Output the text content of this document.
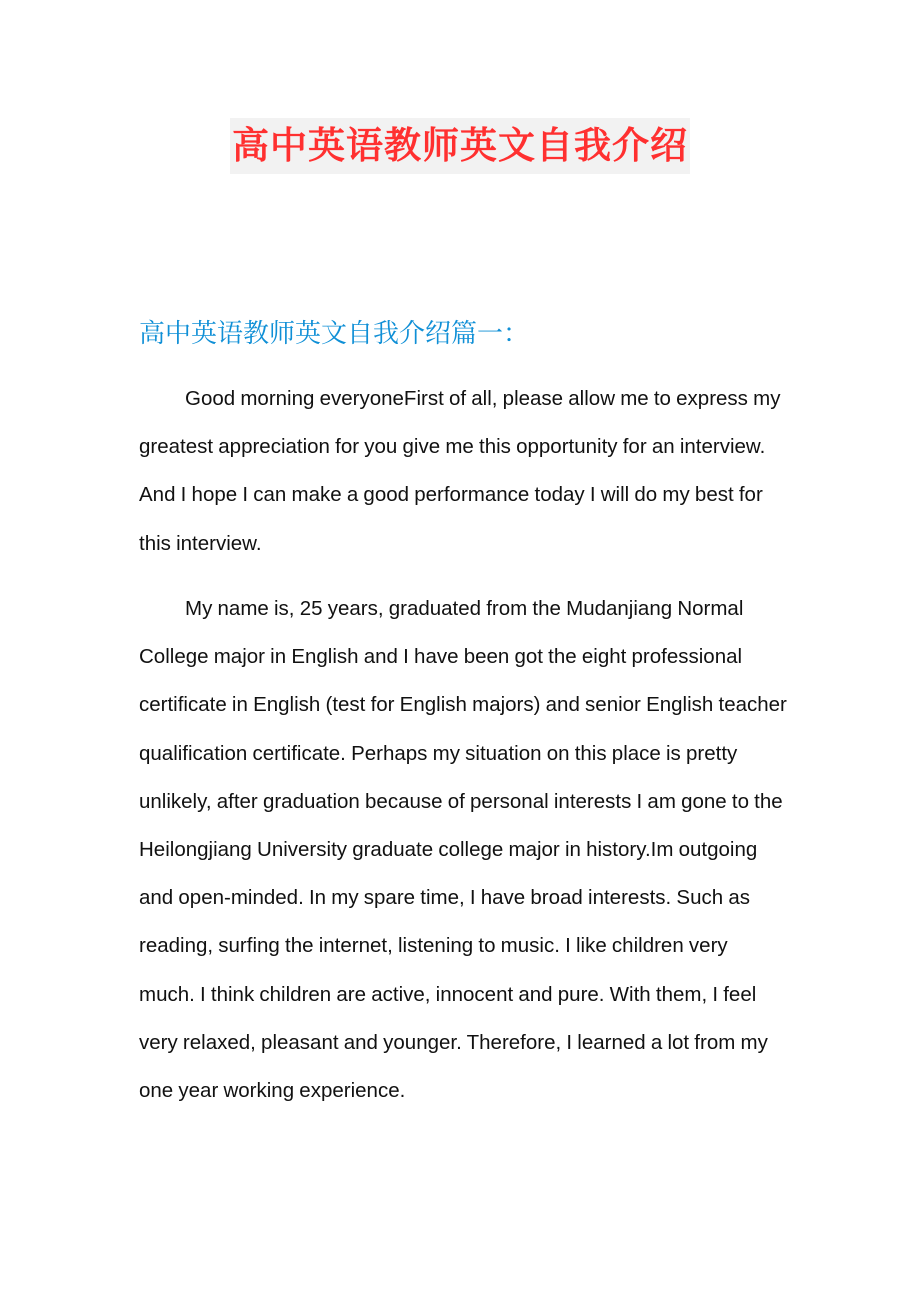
高中英语教师英文自我介绍
高中英语教师英文自我介绍篇一：

Good morning everyoneFirst of all, please allow me to express my greatest appreciation for you give me this opportunity for an interview. And I hope I can make a good performance today I will do my best for this interview.

My name is, 25 years, graduated from the Mudanjiang Normal College major in English and I have been got the eight professional certificate in English (test for English majors) and senior English teacher qualification certificate. Perhaps my situation on this place is pretty unlikely, after graduation because of personal interests I am gone to the Heilongjiang University graduate college major in history.Im outgoing and open-minded. In my spare time, I have broad interests. Such as reading, surfing the internet, listening to music. I like children very much. I think children are active, innocent and pure. With them, I feel very relaxed, pleasant and younger. Therefore, I learned a lot from my one year working experience.
